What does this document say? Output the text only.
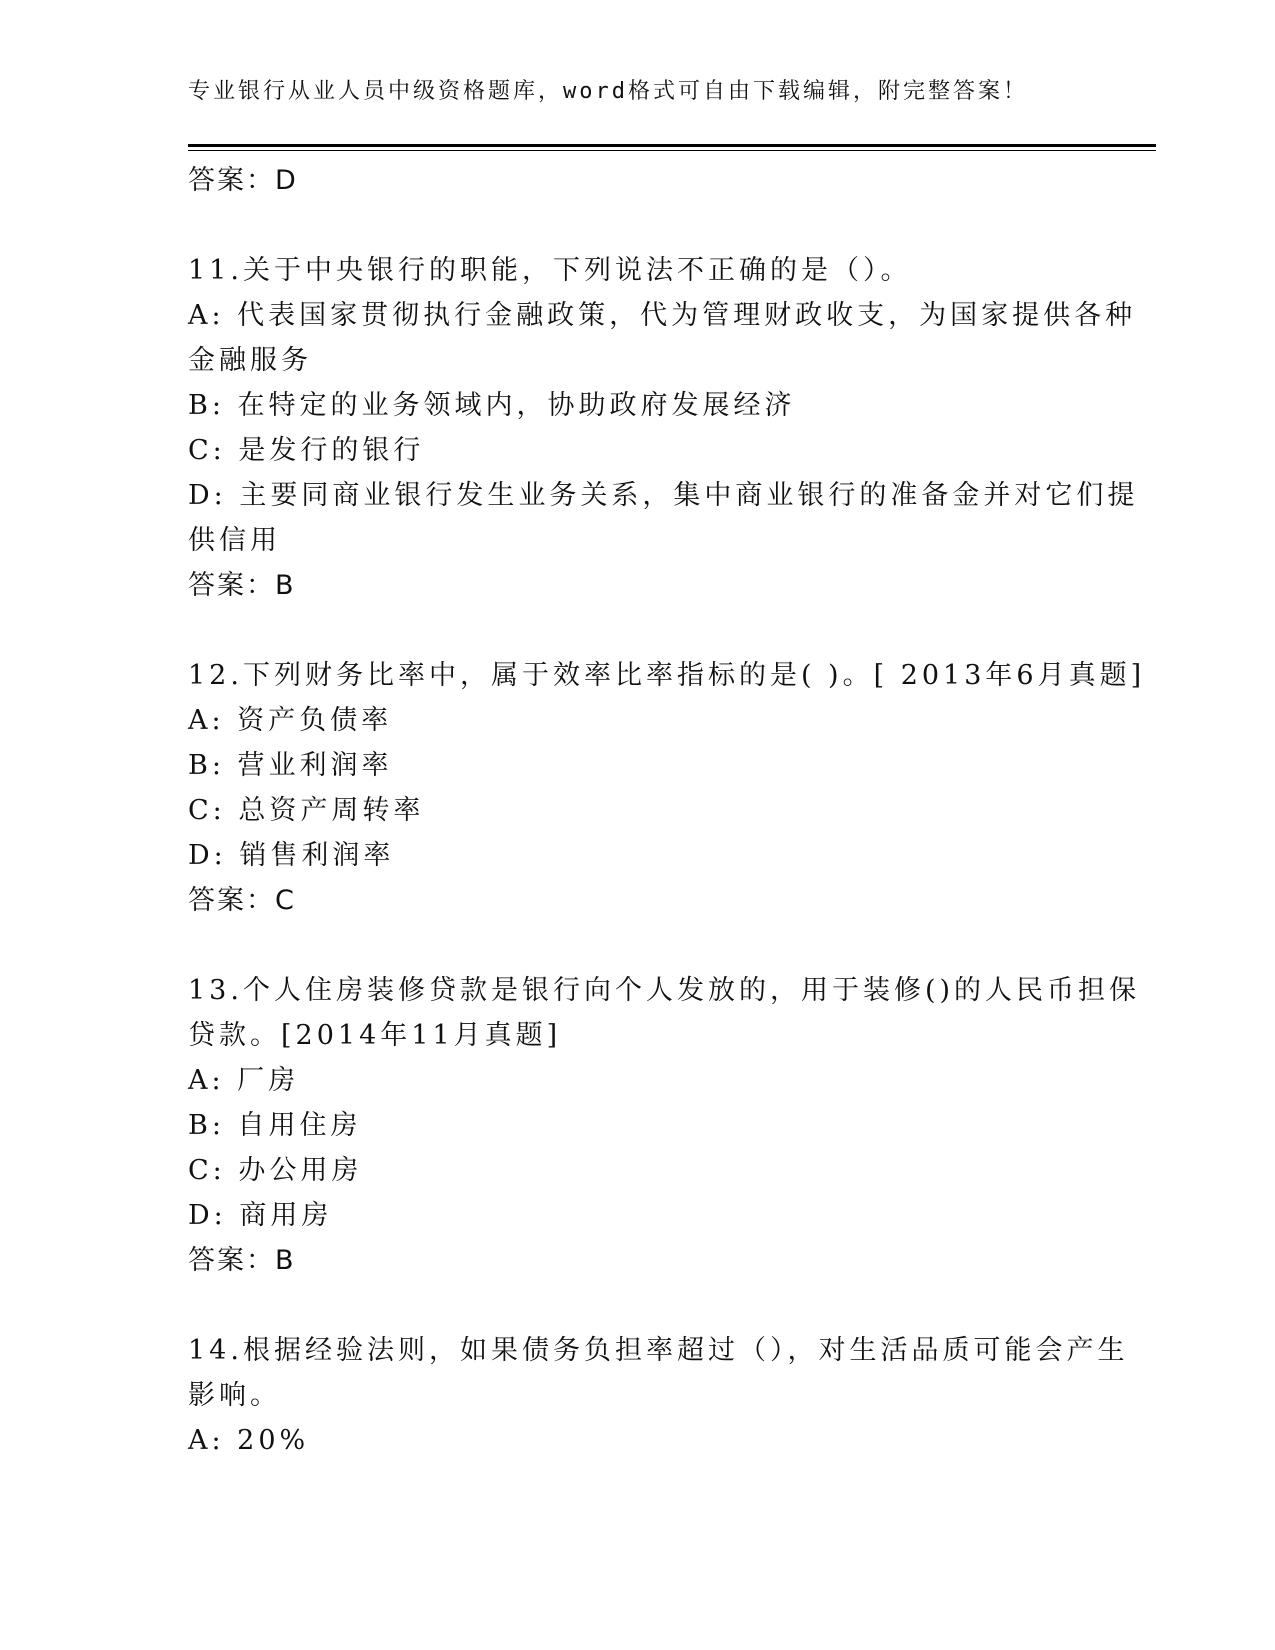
专业银行从业人员中级资格题库，word格式可自由下载编辑，附完整答案！
答案：D
11.关于中央银行的职能，下列说法不正确的是（）。
A: 代表国家贯彻执行金融政策，代为管理财政收支，为国家提供各种
金融服务
B: 在特定的业务领域内，协助政府发展经济
C: 是发行的银行
D: 主要同商业银行发生业务关系，集中商业银行的准备金并对它们提
供信用
答案：B
12.下列财务比率中，属于效率比率指标的是( )。[ 2013年6月真题]
A: 资产负债率
B: 营业利润率
C: 总资产周转率
D: 销售利润率
答案：C
13.个人住房装修贷款是银行向个人发放的，用于装修()的人民币担保
贷款。[2014年11月真题]
A: 厂房
B: 自用住房
C: 办公用房
D: 商用房
答案：B
14.根据经验法则，如果债务负担率超过（），对生活品质可能会产生
影响。
A: 20%
